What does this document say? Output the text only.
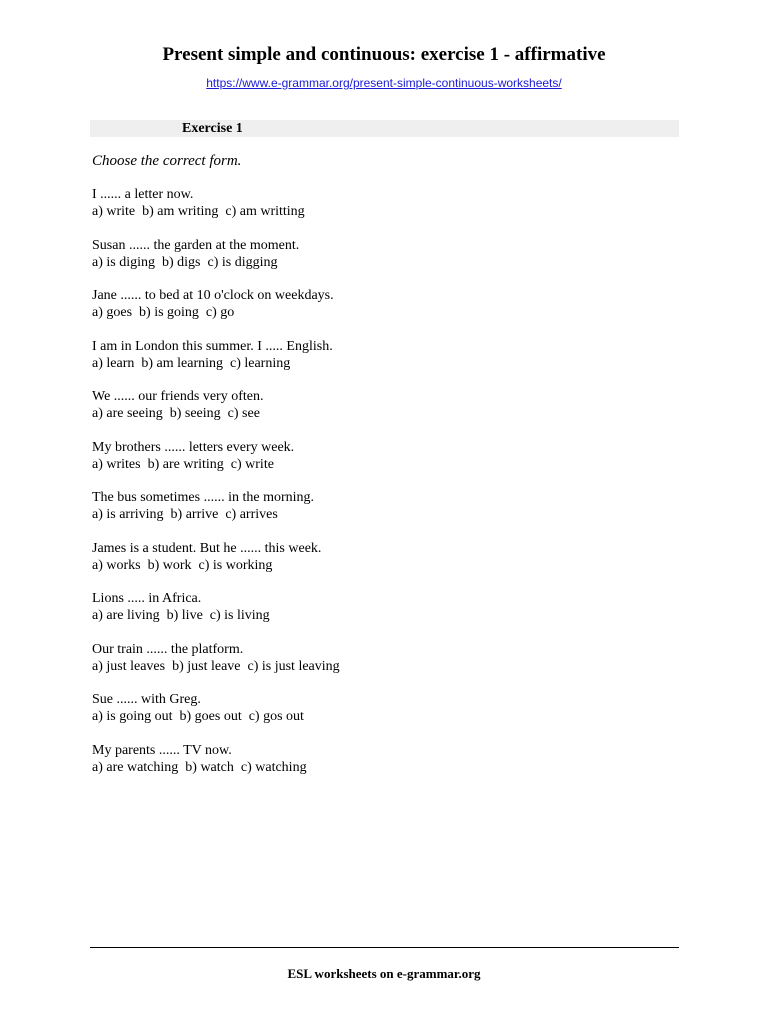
Present simple and continuous: exercise 1 - affirmative
https://www.e-grammar.org/present-simple-continuous-worksheets/
Exercise 1
Choose the correct form.
I ...... a letter now.
a) write  b) am writing  c) am writting
Susan ...... the garden at the moment.
a) is diging  b) digs  c) is digging
Jane ...... to bed at 10 o'clock on weekdays.
a) goes  b) is going  c) go
I am in London this summer. I ..... English.
a) learn  b) am learning  c) learning
We ...... our friends very often.
a) are seeing  b) seeing  c) see
My brothers ...... letters every week.
a) writes  b) are writing  c) write
The bus sometimes ...... in the morning.
a) is arriving  b) arrive  c) arrives
James is a student. But he ...... this week.
a) works  b) work  c) is working
Lions ..... in Africa.
a) are living  b) live  c) is living
Our train ...... the platform.
a) just leaves  b) just leave  c) is just leaving
Sue ...... with Greg.
a) is going out  b) goes out  c) gos out
My parents ...... TV now.
a) are watching  b) watch  c) watching
ESL worksheets on e-grammar.org
